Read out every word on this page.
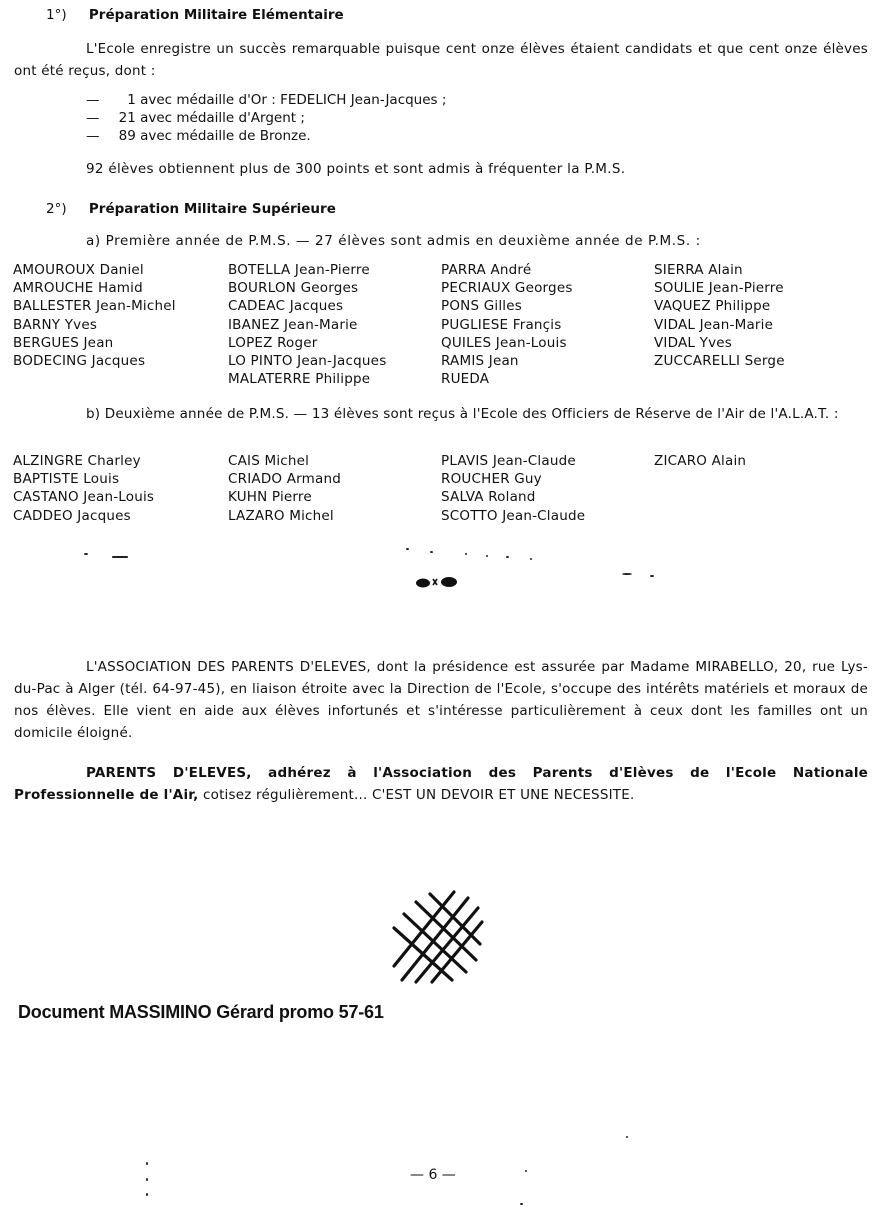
1°) Préparation Militaire Elémentaire
L'Ecole enregistre un succès remarquable puisque cent onze élèves étaient candidats et que cent onze élèves ont été reçus, dont :
— 1 avec médaille d'Or : FEDELICH Jean-Jacques ;
— 21 avec médaille d'Argent ;
— 89 avec médaille de Bronze.
92 élèves obtiennent plus de 300 points et sont admis à fréquenter la P.M.S.
2°) Préparation Militaire Supérieure
a) Première année de P.M.S. — 27 élèves sont admis en deuxième année de P.M.S. :
AMOUROUX Daniel
AMROUCHE Hamid
BALLESTER Jean-Michel
BARNY Yves
BERGUES Jean
BODECING Jacques
BOTELLA Jean-Pierre
BOURLON Georges
CADEAC Jacques
IBANEZ Jean-Marie
LOPEZ Roger
LO PINTO Jean-Jacques
MALATERRE Philippe
PARRA André
PECRIAUX Georges
PONS Gilles
PUGLIESE Françis
QUILES Jean-Louis
RAMIS Jean
RUEDA
SIERRA Alain
SOULIE Jean-Pierre
VAQUEZ Philippe
VIDAL Jean-Marie
VIDAL Yves
ZUCCARELLI Serge
b) Deuxième année de P.M.S. — 13 élèves sont reçus à l'Ecole des Officiers de Réserve de l'Air de l'A.L.A.T. :
ALZINGRE Charley
BAPTISTE Louis
CASTANO Jean-Louis
CADDEO Jacques
CAIS Michel
CRIADO Armand
KUHN Pierre
LAZARO Michel
PLAVIS Jean-Claude
ROUCHER Guy
SALVA Roland
SCOTTO Jean-Claude
ZICARO Alain
L'ASSOCIATION DES PARENTS D'ELEVES, dont la présidence est assurée par Madame MIRABELLO, 20, rue Lys-du-Pac à Alger (tél. 64-97-45), en liaison étroite avec la Direction de l'Ecole, s'occupe des intérêts matériels et moraux de nos élèves. Elle vient en aide aux élèves infortunés et s'intéresse particulièrement à ceux dont les familles ont un domicile éloigné.
PARENTS D'ELEVES, adhérez à l'Association des Parents d'Elèves de l'Ecole Nationale Professionnelle de l'Air, cotisez régulièrement... C'EST UN DEVOIR ET UNE NECESSITE.
Document MASSIMINO Gérard promo 57-61
— 6 —
